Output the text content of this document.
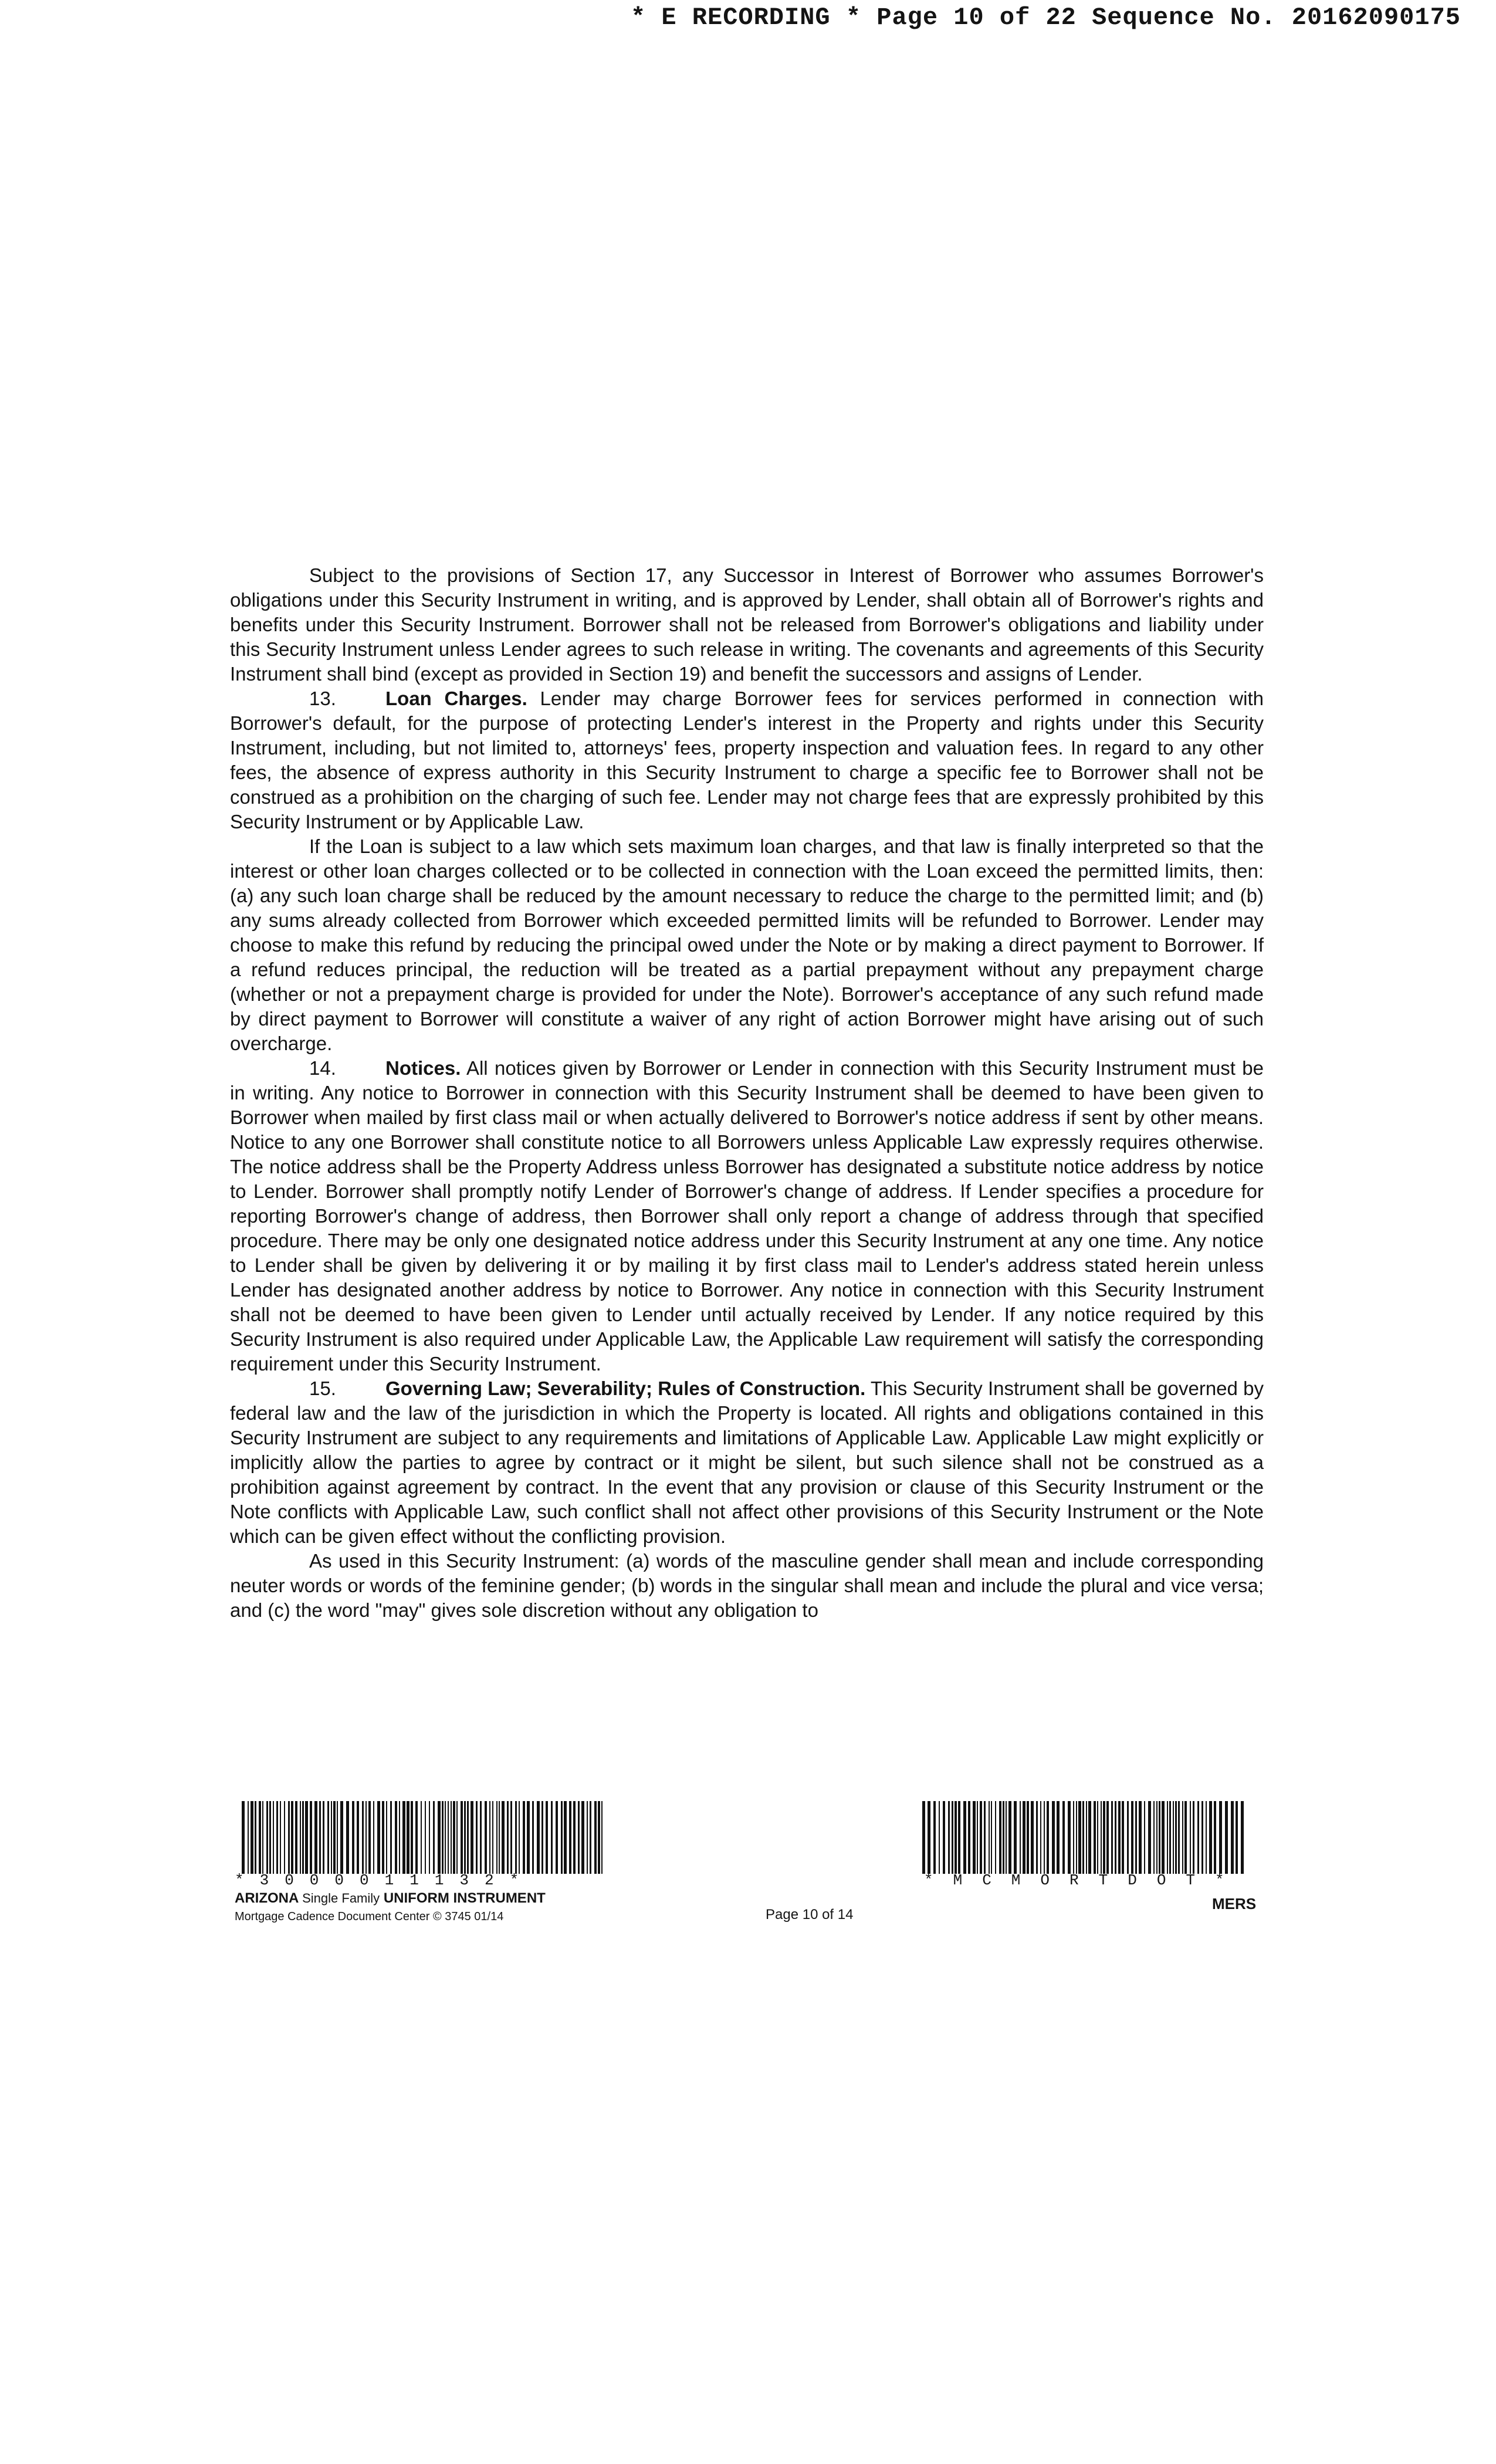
* E RECORDING * Page 10 of 22 Sequence No. 20162090175

Subject to the provisions of Section 17, any Successor in Interest of Borrower who assumes Borrower's obligations under this Security Instrument in writing, and is approved by Lender, shall obtain all of Borrower's rights and benefits under this Security Instrument. Borrower shall not be released from Borrower's obligations and liability under this Security Instrument unless Lender agrees to such release in writing. The covenants and agreements of this Security Instrument shall bind (except as provided in Section 19) and benefit the successors and assigns of Lender.

13.	Loan Charges. Lender may charge Borrower fees for services performed in connection with Borrower's default, for the purpose of protecting Lender's interest in the Property and rights under this Security Instrument, including, but not limited to, attorneys' fees, property inspection and valuation fees. In regard to any other fees, the absence of express authority in this Security Instrument to charge a specific fee to Borrower shall not be construed as a prohibition on the charging of such fee. Lender may not charge fees that are expressly prohibited by this Security Instrument or by Applicable Law.

If the Loan is subject to a law which sets maximum loan charges, and that law is finally interpreted so that the interest or other loan charges collected or to be collected in connection with the Loan exceed the permitted limits, then: (a) any such loan charge shall be reduced by the amount necessary to reduce the charge to the permitted limit; and (b) any sums already collected from Borrower which exceeded permitted limits will be refunded to Borrower. Lender may choose to make this refund by reducing the principal owed under the Note or by making a direct payment to Borrower. If a refund reduces principal, the reduction will be treated as a partial prepayment without any prepayment charge (whether or not a prepayment charge is provided for under the Note). Borrower's acceptance of any such refund made by direct payment to Borrower will constitute a waiver of any right of action Borrower might have arising out of such overcharge.

14.	Notices. All notices given by Borrower or Lender in connection with this Security Instrument must be in writing. Any notice to Borrower in connection with this Security Instrument shall be deemed to have been given to Borrower when mailed by first class mail or when actually delivered to Borrower's notice address if sent by other means. Notice to any one Borrower shall constitute notice to all Borrowers unless Applicable Law expressly requires otherwise. The notice address shall be the Property Address unless Borrower has designated a substitute notice address by notice to Lender. Borrower shall promptly notify Lender of Borrower's change of address. If Lender specifies a procedure for reporting Borrower's change of address, then Borrower shall only report a change of address through that specified procedure. There may be only one designated notice address under this Security Instrument at any one time. Any notice to Lender shall be given by delivering it or by mailing it by first class mail to Lender's address stated herein unless Lender has designated another address by notice to Borrower. Any notice in connection with this Security Instrument shall not be deemed to have been given to Lender until actually received by Lender. If any notice required by this Security Instrument is also required under Applicable Law, the Applicable Law requirement will satisfy the corresponding requirement under this Security Instrument.

15.	Governing Law; Severability; Rules of Construction. This Security Instrument shall be governed by federal law and the law of the jurisdiction in which the Property is located. All rights and obligations contained in this Security Instrument are subject to any requirements and limitations of Applicable Law. Applicable Law might explicitly or implicitly allow the parties to agree by contract or it might be silent, but such silence shall not be construed as a prohibition against agreement by contract. In the event that any provision or clause of this Security Instrument or the Note conflicts with Applicable Law, such conflict shall not affect other provisions of this Security Instrument or the Note which can be given effect without the conflicting provision.

As used in this Security Instrument: (a) words of the masculine gender shall mean and include corresponding neuter words or words of the feminine gender; (b) words in the singular shall mean and include the plural and vice versa; and (c) the word "may" gives sole discretion without any obligation to

*3000011132*	*MCMORTDOT*
ARIZONA Single Family UNIFORM INSTRUMENT
Mortgage Cadence Document Center © 3745 01/14	Page 10 of 14
MERS
